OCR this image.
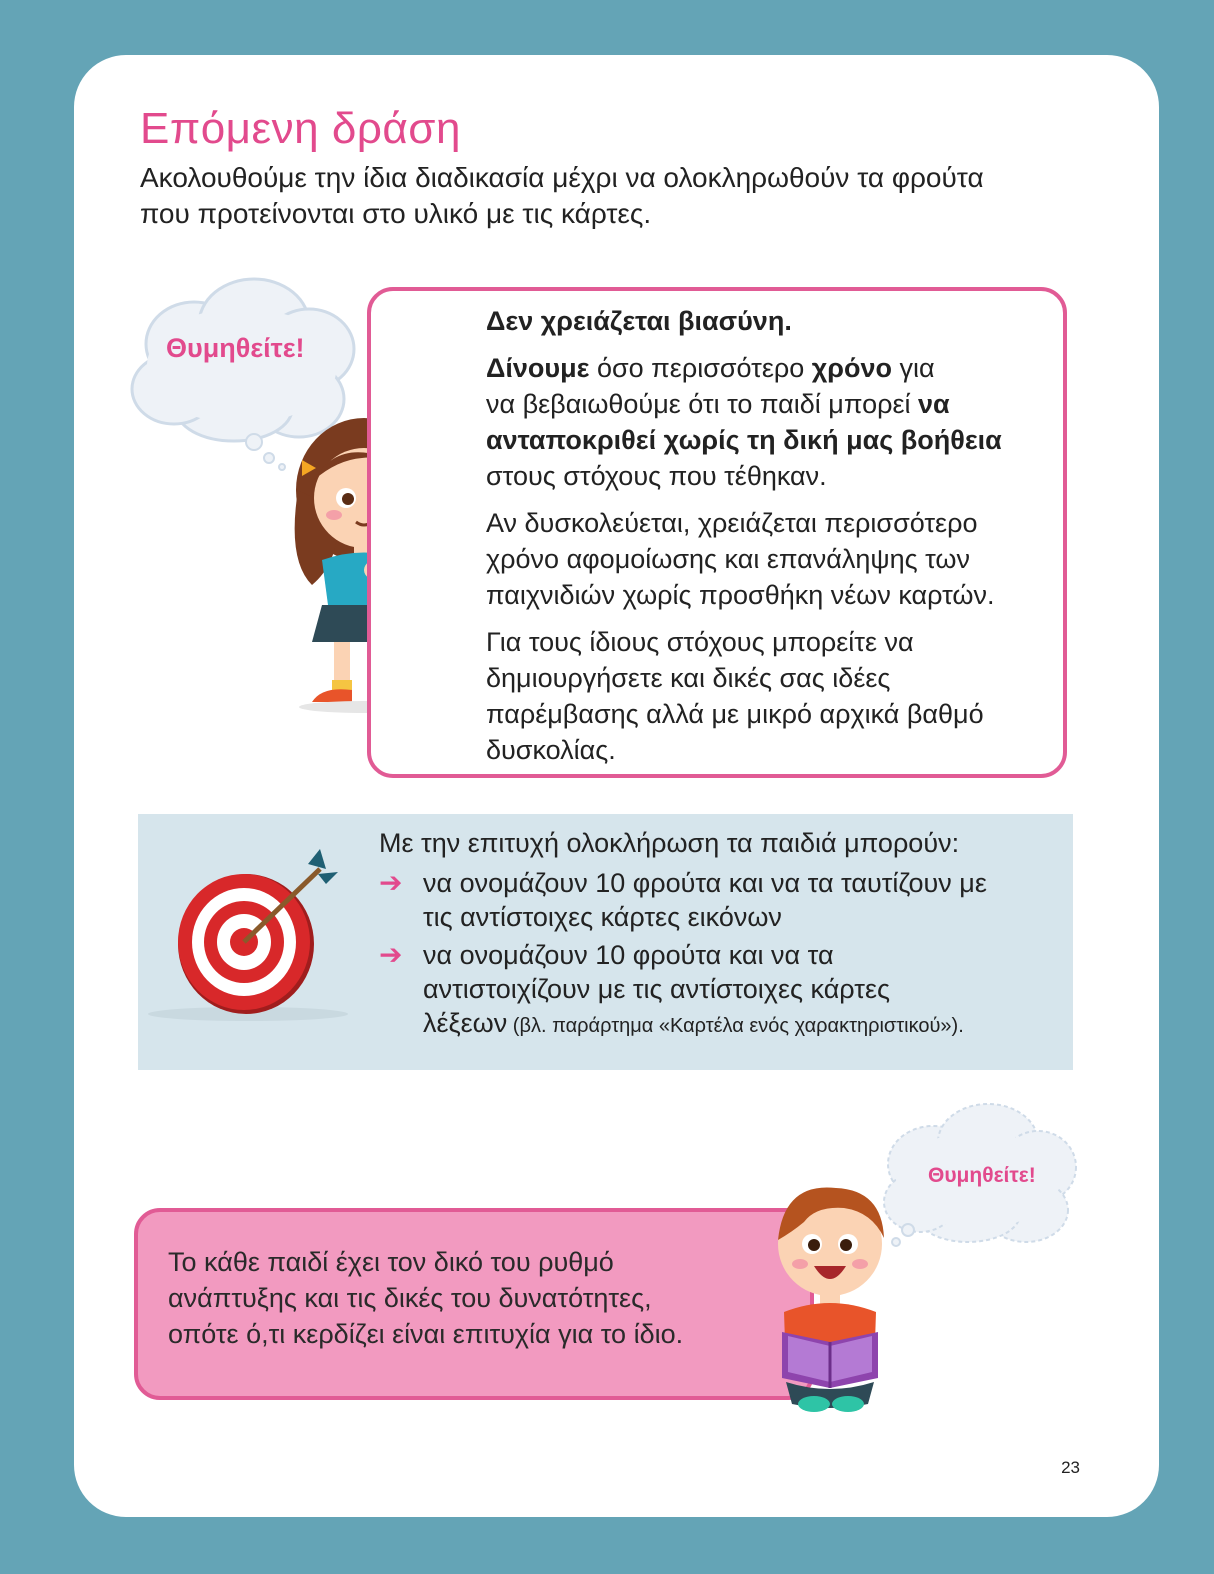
Επόμενη δράση

Ακολουθούμε την ίδια διαδικασία μέχρι να ολοκληρωθούν τα φρούτα

που προτείνονται στο υλικό με τις κάρτες.

Θυμηθείτε!

Δεν χρειάζεται βιασύνη.

Δίνουμε όσο περισσότερο χρόνο για
να βεβαιωθούμε ότι το παιδί μπορεί να
ανταποκριθεί χωρίς τη δική μας βοήθεια
στους στόχους που τέθηκαν.

Αν δυσκολεύεται, χρειάζεται περισσότερο
χρόνο αφομοίωσης και επανάληψης των
παιχνιδιών χωρίς προσθήκη νέων καρτών.

Για τους ίδιους στόχους μπορείτε να
δημιουργήσετε και δικές σας ιδέες
παρέμβασης αλλά με μικρό αρχικά βαθμό
δυσκολίας.

Με την επιτυχή ολοκλήρωση τα παιδιά μπορούν:

➔ να ονομάζουν 10 φρούτα και να τα ταυτίζουν με
τις αντίστοιχες κάρτες εικόνων
➔ να ονομάζουν 10 φρούτα και να τα
αντιστοιχίζουν με τις αντίστοιχες κάρτες
λέξεων (βλ. παράρτημα «Καρτέλα ενός χαρακτηριστικού»).
Θυμηθείτε!

Το κάθε παιδί έχει τον δικό του ρυθμό

ανάπτυξης και τις δικές του δυνατότητες,

οπότε ό,τι κερδίζει είναι επιτυχία για το ίδιο.

23
